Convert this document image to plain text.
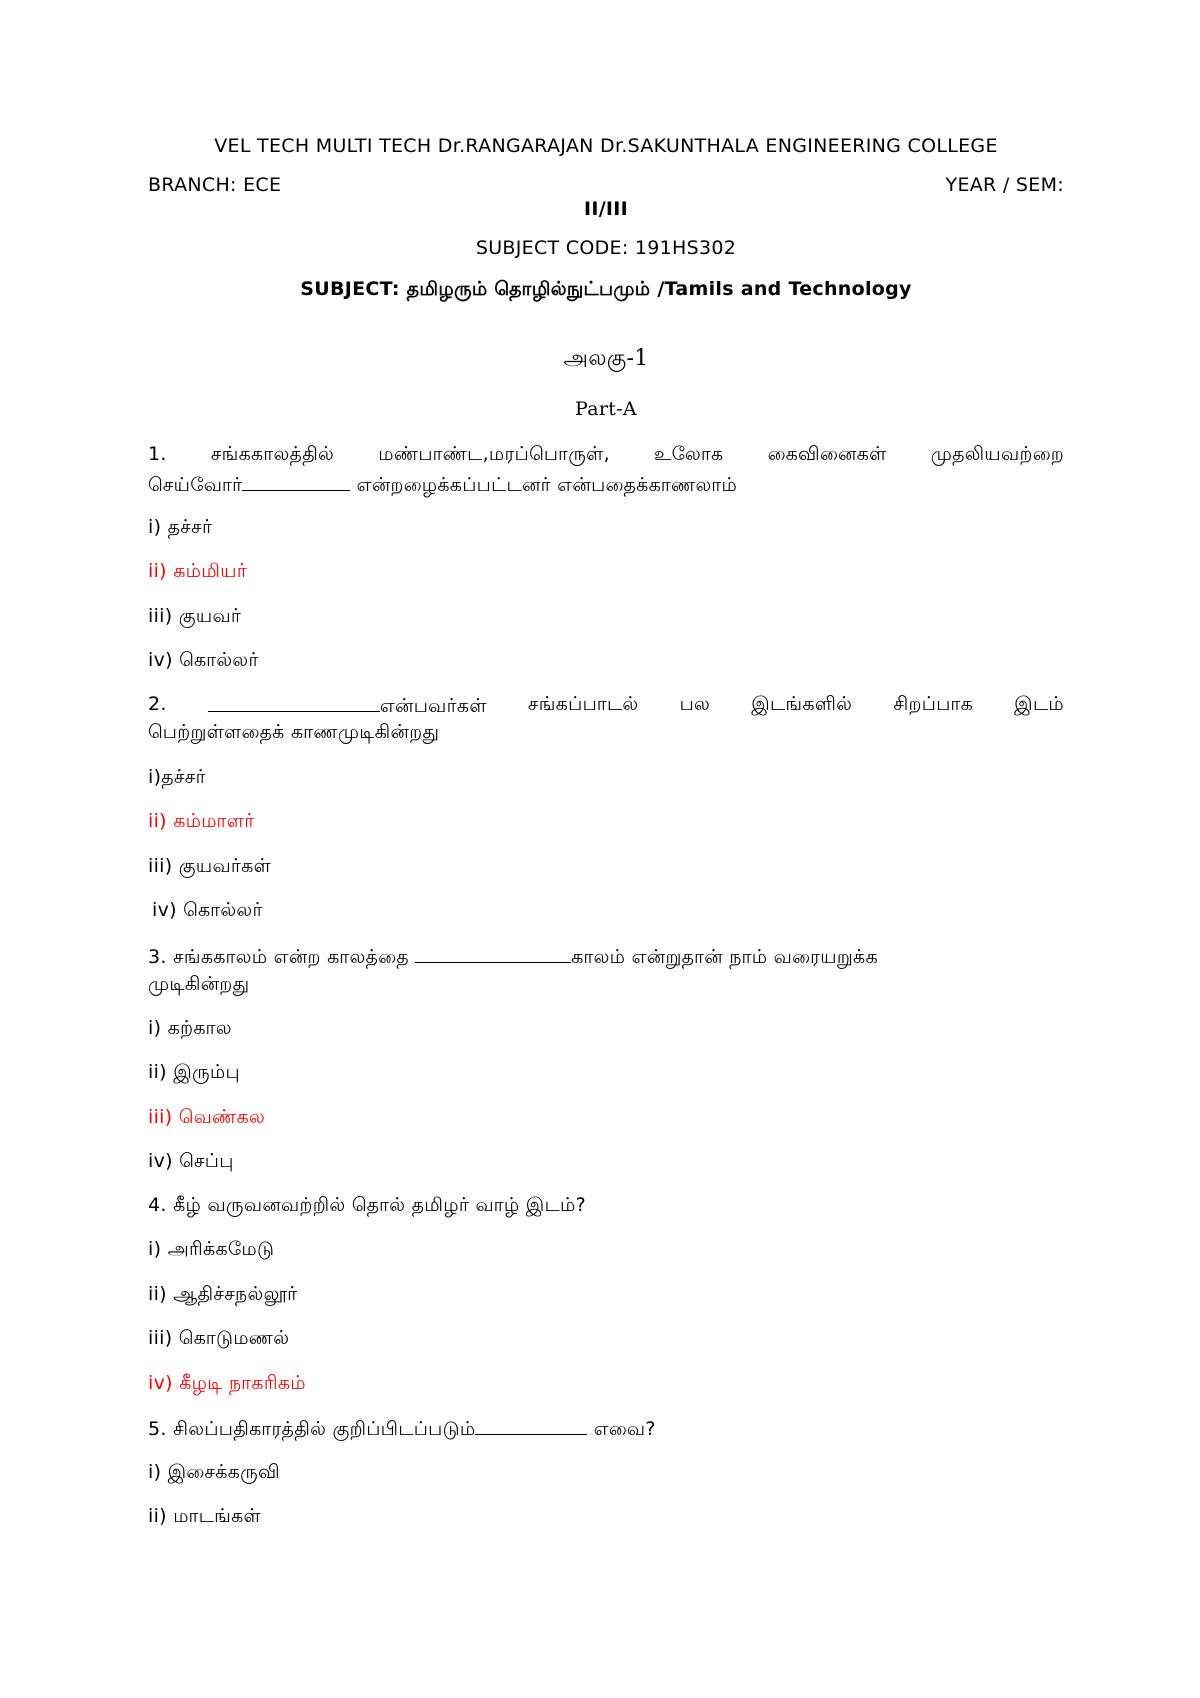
VEL TECH MULTI TECH Dr.RANGARAJAN Dr.SAKUNTHALA ENGINEERING COLLEGE
BRANCH: ECE	YEAR / SEM:
II/III
SUBJECT CODE: 191HS302
SUBJECT: தமிழரும் தொழில்நுட்பமும் /Tamils and Technology
அலகு-1
Part-A
1. சங்ககாலத்தில் மண்பாண்ட,மரப்பொருள், உலோக கைவினைகள் முதலியவற்றை
செய்வோர்	என்றழைக்கப்பட்டனர் என்பதைக்காணலாம்
i) தச்சர்
ii) கம்மியர்
iii) குயவர்
iv) கொல்லர்
2.	என்பவர்கள் சங்கப்பாடல் பல இடங்களில் சிறப்பாக இடம்
பெற்றுள்ளதைக் காணமுடிகின்றது
i)தச்சர்
ii) கம்மாளர்
iii) குயவர்கள்
iv) கொல்லர்
3. சங்ககாலம் என்ற காலத்தை	காலம் என்றுதான் நாம் வரையறுக்க
முடிகின்றது
i) கற்கால
ii) இரும்பு
iii) வெண்கல
iv) செப்பு
4. கீழ் வருவனவற்றில் தொல் தமிழர் வாழ் இடம்?
i) அரிக்கமேடு
ii) ஆதிச்சநல்லூர்
iii) கொடுமணல்
iv) கீழடி நாகரிகம்
5. சிலப்பதிகாரத்தில் குறிப்பிடப்படும்	எவை?
i) இசைக்கருவி
ii) மாடங்கள்
